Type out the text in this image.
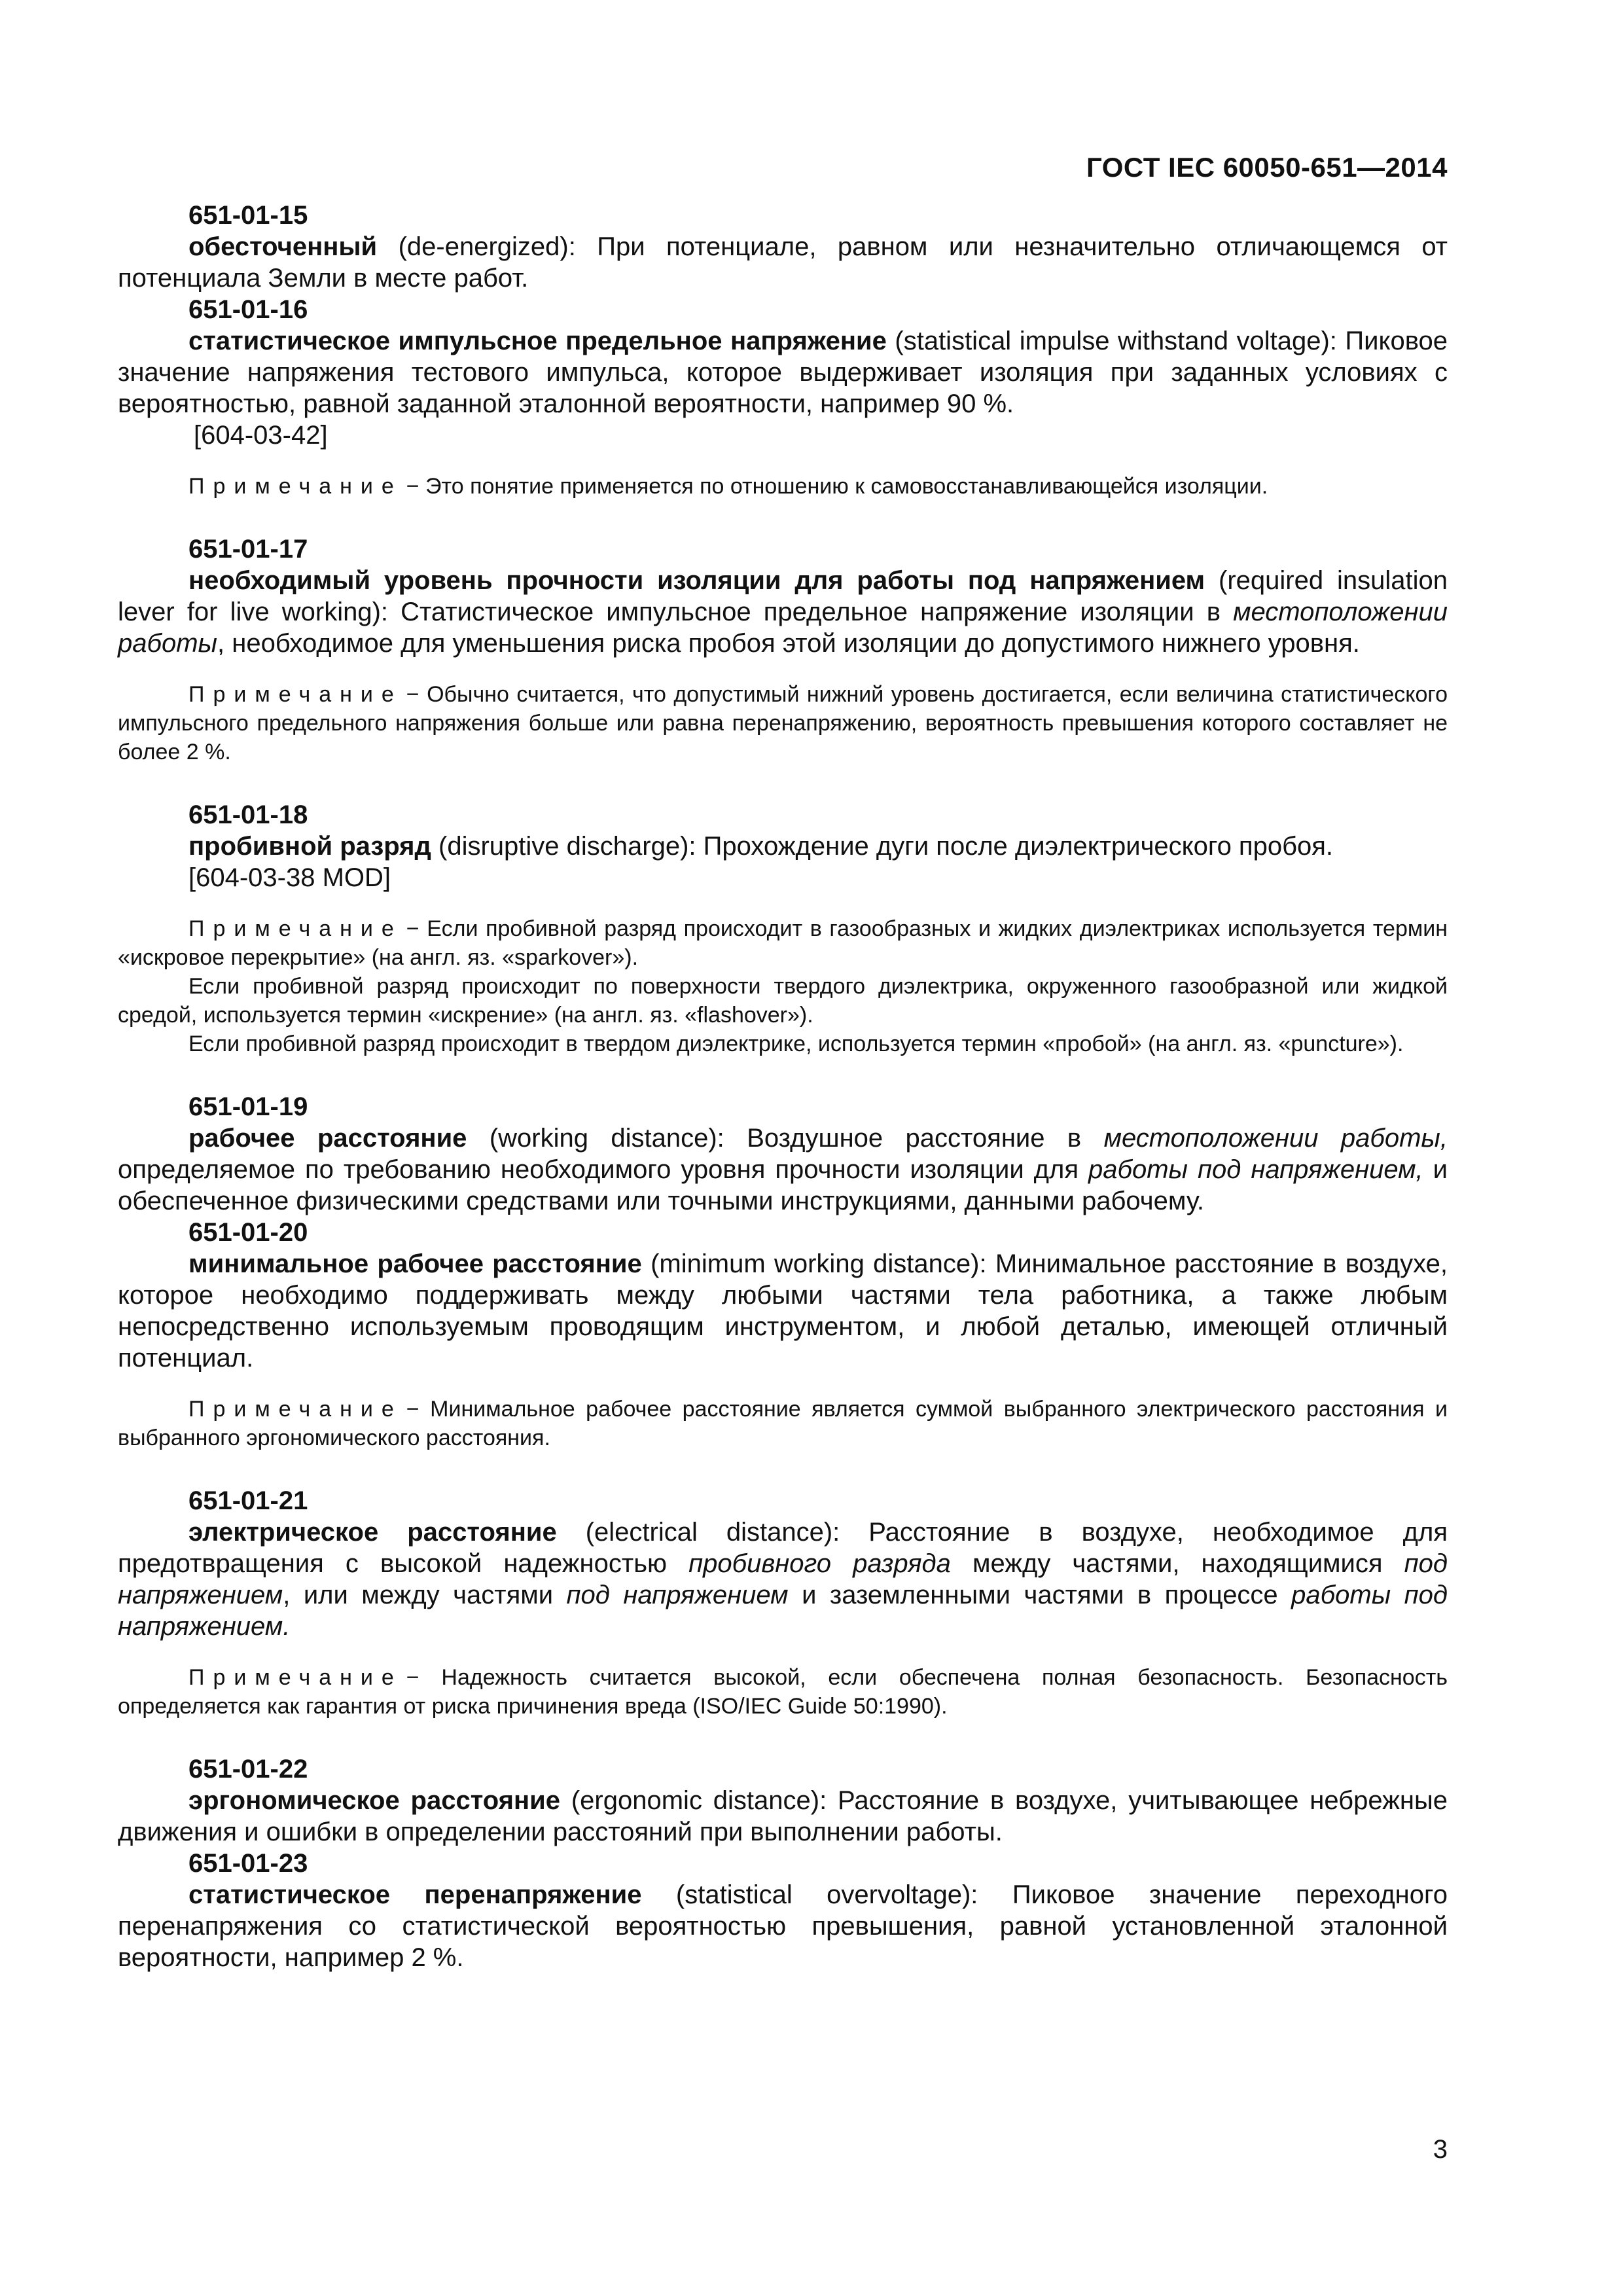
ГОСТ IEC 60050-651—2014

651-01-15

обесточенный (de-energized): При потенциале, равном или незначительно отличающемся от потенциала Земли в месте работ.

651-01-16

статистическое импульсное предельное напряжение (statistical impulse withstand voltage): Пиковое значение напряжения тестового импульса, которое выдерживает изоляция при заданных условиях с вероятностью, равной заданной эталонной вероятности, например 90 %.

[604-03-42]

Примечание − Это понятие применяется по отношению к самовосстанавливающейся изоляции.

651-01-17

необходимый уровень прочности изоляции для работы под напряжением (required insulation lever for live working): Статистическое импульсное предельное напряжение изоляции в местоположении работы, необходимое для уменьшения риска пробоя этой изоляции до допустимого нижнего уровня.

Примечание − Обычно считается, что допустимый нижний уровень достигается, если величина статистического импульсного предельного напряжения больше или равна перенапряжению, вероятность превышения которого составляет не более 2 %.

651-01-18

пробивной разряд (disruptive discharge): Прохождение дуги после диэлектрического пробоя.

[604-03-38 MOD]

Примечание − Если пробивной разряд происходит в газообразных и жидких диэлектриках используется термин «искровое перекрытие» (на англ. яз. «sparkover»).

Если пробивной разряд происходит по поверхности твердого диэлектрика, окруженного газообразной или жидкой средой, используется термин «искрение» (на англ. яз. «flashover»).

Если пробивной разряд происходит в твердом диэлектрике, используется термин «пробой» (на англ. яз. «puncture»).

651-01-19

рабочее расстояние (working distance): Воздушное расстояние в местоположении работы, определяемое по требованию необходимого уровня прочности изоляции для работы под напряжением, и обеспеченное физическими средствами или точными инструкциями, данными рабочему.

651-01-20

минимальное рабочее расстояние (minimum working distance): Минимальное расстояние в воздухе, которое необходимо поддерживать между любыми частями тела работника, а также любым непосредственно используемым проводящим инструментом, и любой деталью, имеющей отличный потенциал.

Примечание − Минимальное рабочее расстояние является суммой выбранного электрического расстояния и выбранного эргономического расстояния.

651-01-21

электрическое расстояние (electrical distance): Расстояние в воздухе, необходимое для предотвращения с высокой надежностью пробивного разряда между частями, находящимися под напряжением, или между частями под напряжением и заземленными частями в процессе работы под напряжением.

Примечание − Надежность считается высокой, если обеспечена полная безопасность. Безопасность определяется как гарантия от риска причинения вреда (ISO/IEC Guide 50:1990).

651-01-22

эргономическое расстояние (ergonomic distance): Расстояние в воздухе, учитывающее небрежные движения и ошибки в определении расстояний при выполнении работы.

651-01-23

статистическое перенапряжение (statistical overvoltage): Пиковое значение переходного перенапряжения со статистической вероятностью превышения, равной установленной эталонной вероятности, например 2 %.

3
